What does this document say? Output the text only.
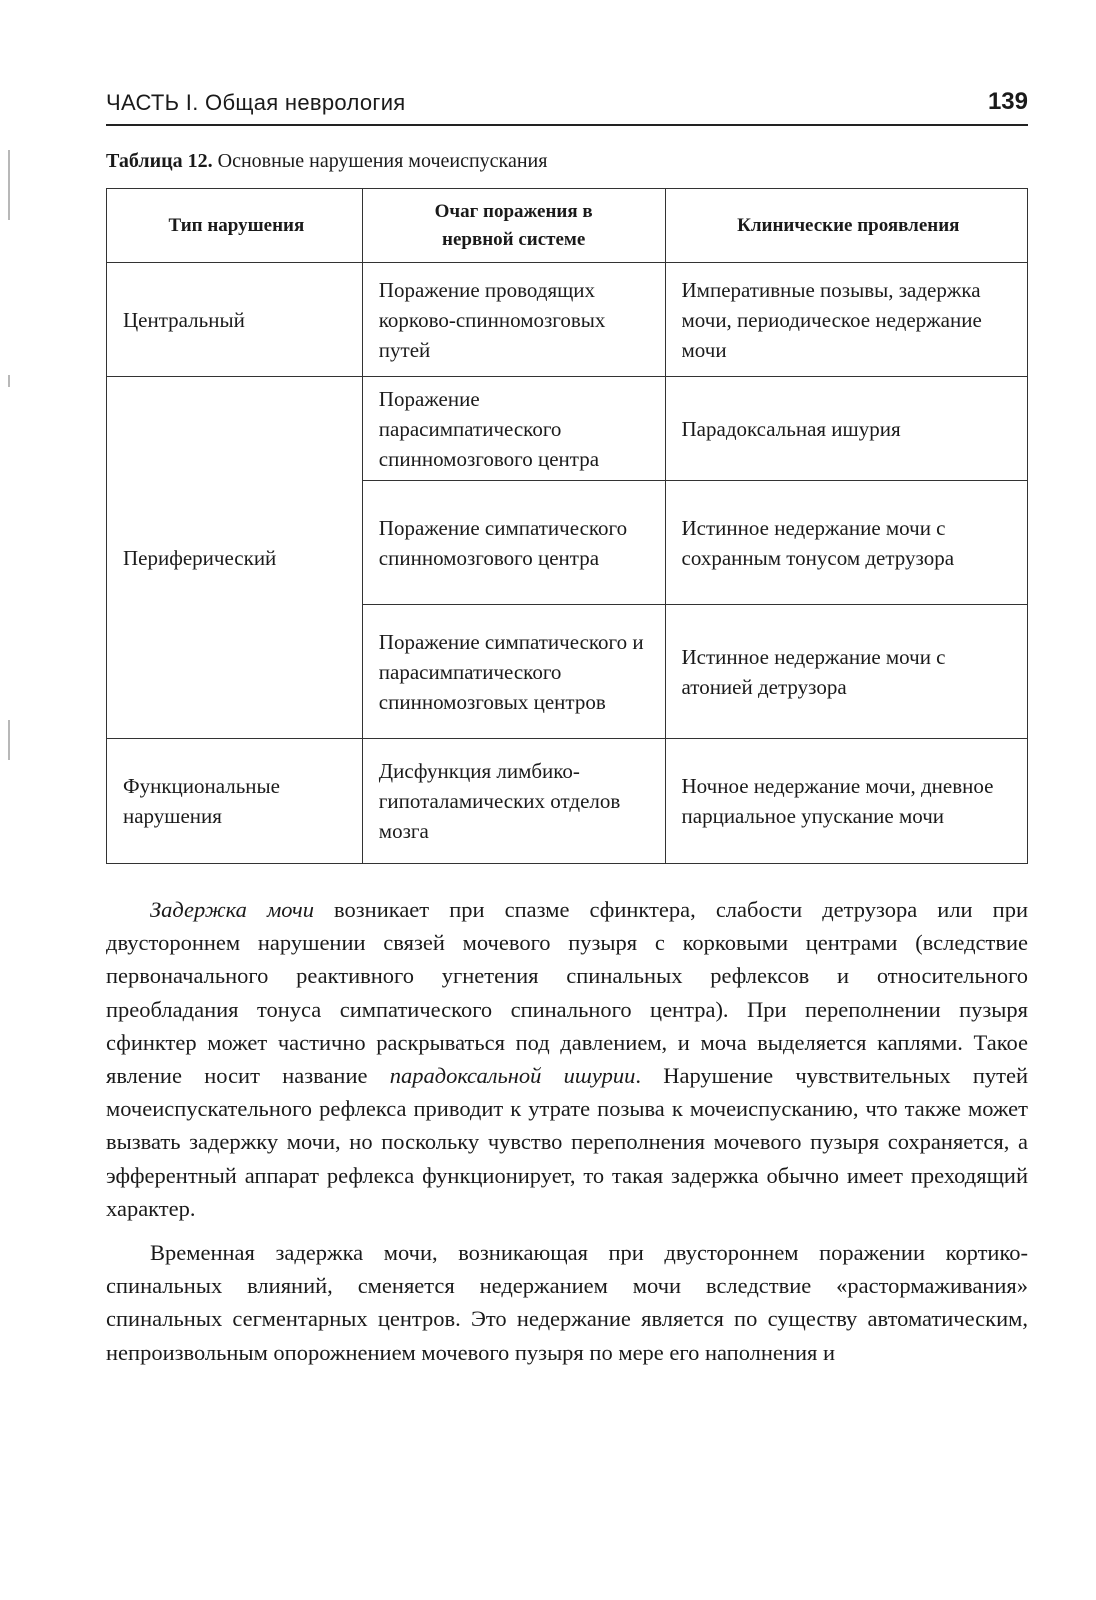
ЧАСТЬ I. Общая неврология	139
Таблица 12. Основные нарушения мочеиспускания
Тип нарушения	Очаг поражения в нервной системе	Клинические проявления
Центральный	Поражение проводящих корково-спинномозговых путей	Императивные позывы, задержка мочи, периодическое недержание мочи
Периферический	Поражение парасимпатического спинномозгового центра	Парадоксальная ишурия
	Поражение симпатического спинномозгового центра	Истинное недержание мочи с сохранным тонусом детрузора
	Поражение симпатического и парасимпатического спинномозговых центров	Истинное недержание мочи с атонией детрузора
Функциональные нарушения	Дисфункция лимбико-гипоталамических отделов мозга	Ночное недержание мочи, дневное парциальное упускание мочи

Задержка мочи возникает при спазме сфинктера, слабости детрузора или при двустороннем нарушении связей мочевого пузыря с корковыми центрами (вследствие первоначального реактивного угнетения спинальных рефлексов и относительного преобладания тонуса симпатического спинального центра). При переполнении пузыря сфинктер может частично раскрываться под давлением, и моча выделяется каплями. Такое явление носит название парадоксальной ишурии. Нарушение чувствительных путей мочеиспускательного рефлекса приводит к утрате позыва к мочеиспусканию, что также может вызвать задержку мочи, но поскольку чувство переполнения мочевого пузыря сохраняется, а эфферентный аппарат рефлекса функционирует, то такая задержка обычно имеет преходящий характер.

Временная задержка мочи, возникающая при двустороннем поражении кортико-спинальных влияний, сменяется недержанием мочи вследствие «растормаживания» спинальных сегментарных центров. Это недержание является по существу автоматическим, непроизвольным опорожнением мочевого пузыря по мере его наполнения и
